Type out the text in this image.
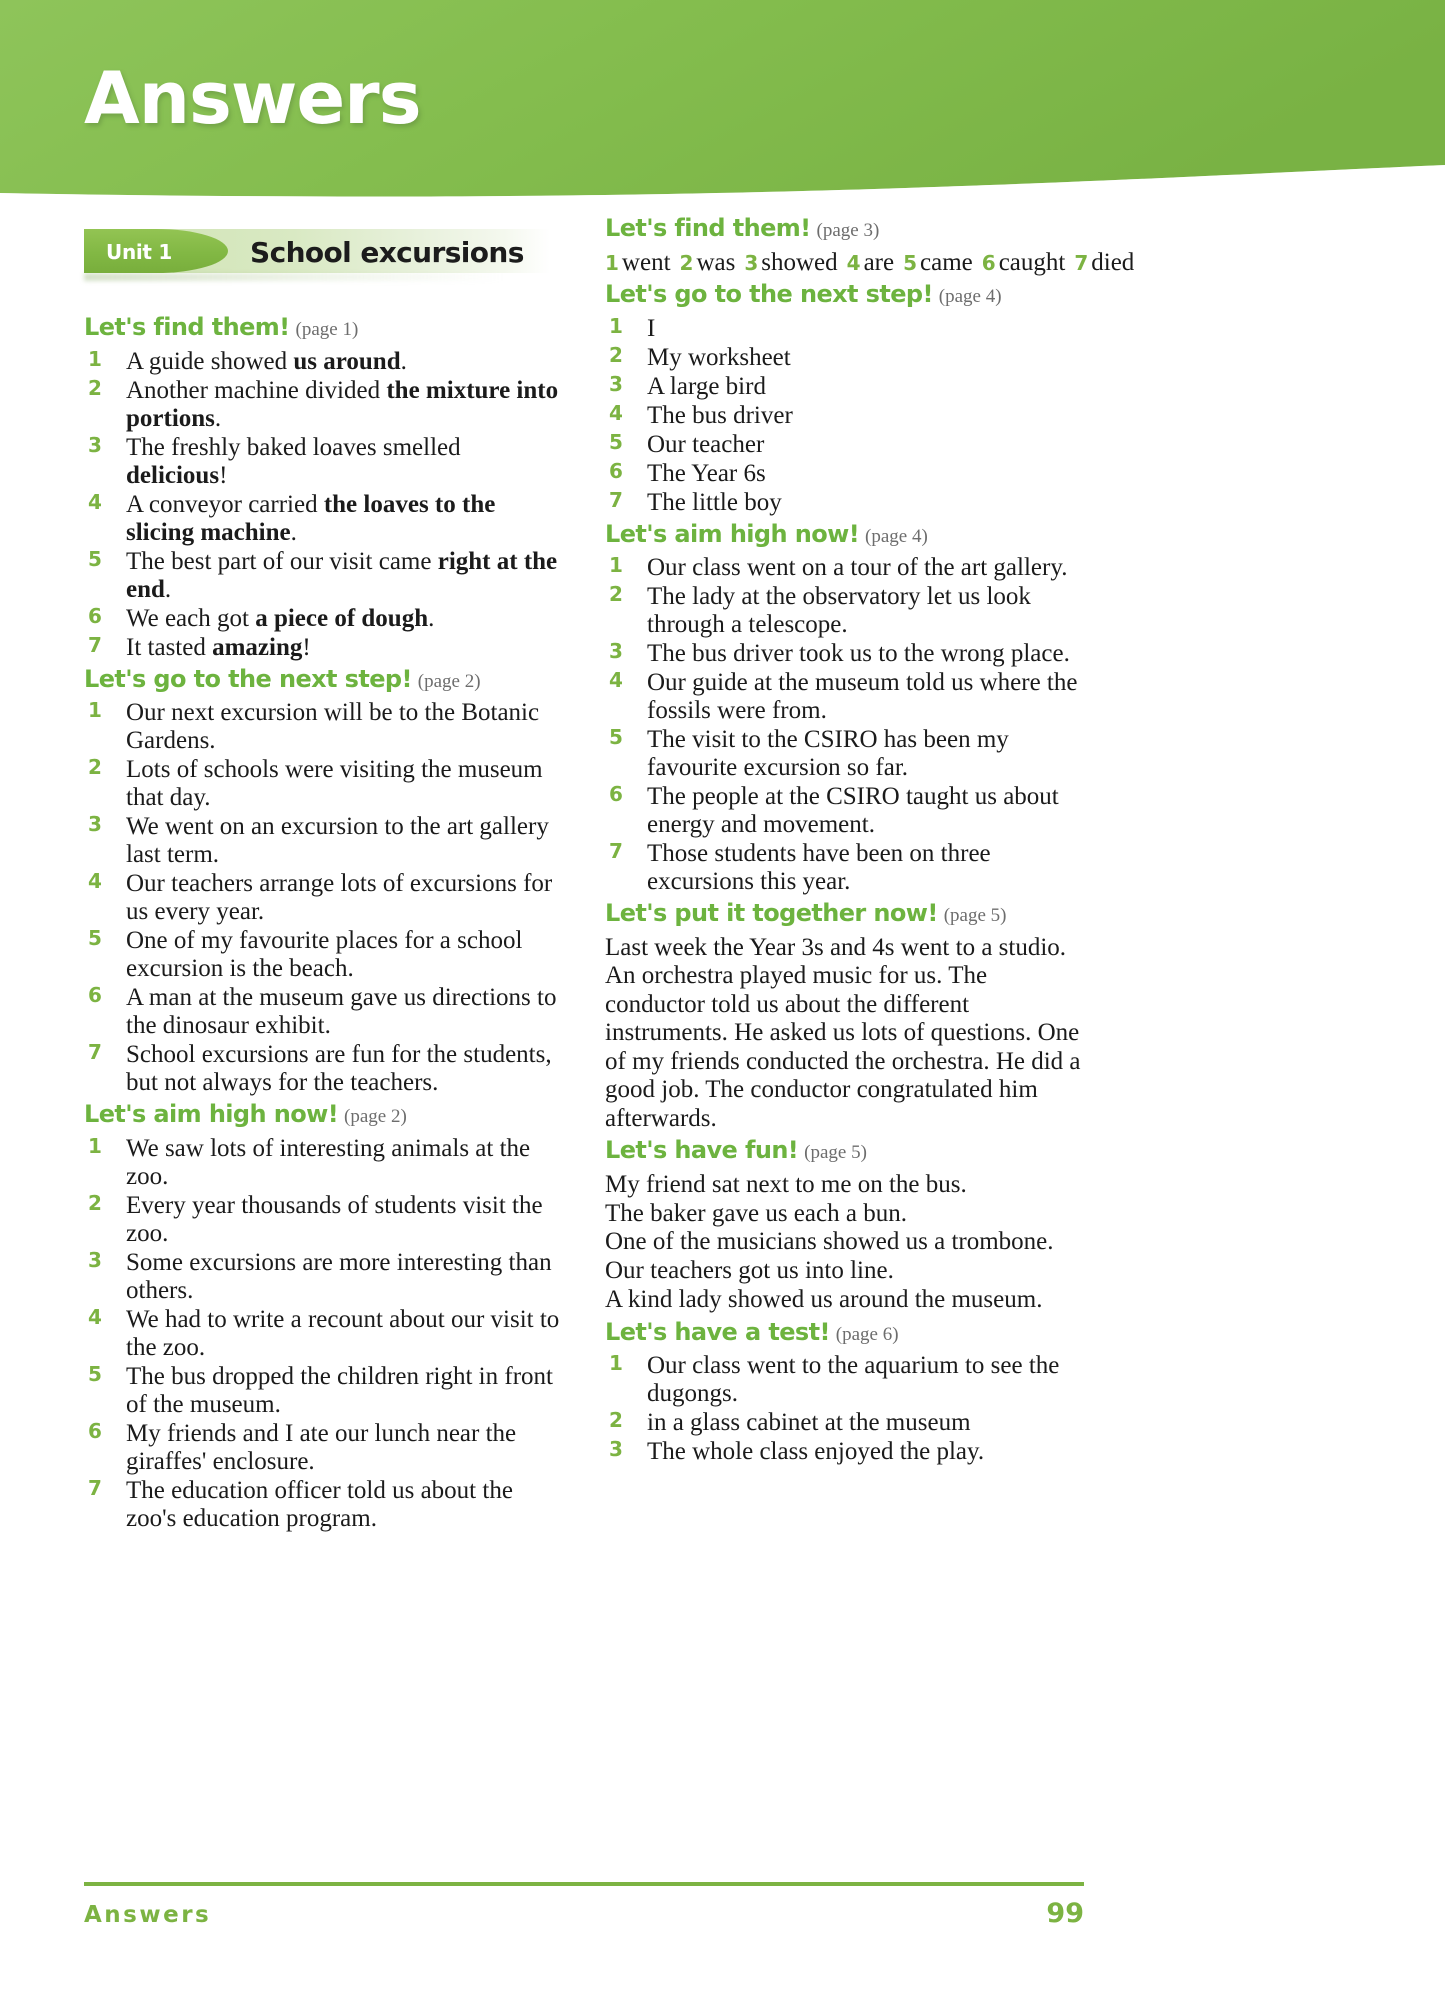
Answers
Unit 1	School excursions
Let's find them! (page 1)
1 A guide showed us around.
2 Another machine divided the mixture into portions.
3 The freshly baked loaves smelled delicious!
4 A conveyor carried the loaves to the slicing machine.
5 The best part of our visit came right at the end.
6 We each got a piece of dough.
7 It tasted amazing!
Let's go to the next step! (page 2)
1 Our next excursion will be to the Botanic Gardens.
2 Lots of schools were visiting the museum that day.
3 We went on an excursion to the art gallery last term.
4 Our teachers arrange lots of excursions for us every year.
5 One of my favourite places for a school excursion is the beach.
6 A man at the museum gave us directions to the dinosaur exhibit.
7 School excursions are fun for the students, but not always for the teachers.
Let's aim high now! (page 2)
1 We saw lots of interesting animals at the zoo.
2 Every year thousands of students visit the zoo.
3 Some excursions are more interesting than others.
4 We had to write a recount about our visit to the zoo.
5 The bus dropped the children right in front of the museum.
6 My friends and I ate our lunch near the giraffes' enclosure.
7 The education officer told us about the zoo's education program.
Let's find them! (page 3)
1 went 2 was 3 showed 4 are 5 came 6 caught 7 died
Let's go to the next step! (page 4)
1 I
2 My worksheet
3 A large bird
4 The bus driver
5 Our teacher
6 The Year 6s
7 The little boy
Let's aim high now! (page 4)
1 Our class went on a tour of the art gallery.
2 The lady at the observatory let us look through a telescope.
3 The bus driver took us to the wrong place.
4 Our guide at the museum told us where the fossils were from.
5 The visit to the CSIRO has been my favourite excursion so far.
6 The people at the CSIRO taught us about energy and movement.
7 Those students have been on three excursions this year.
Let's put it together now! (page 5)
Last week the Year 3s and 4s went to a studio. An orchestra played music for us. The conductor told us about the different instruments. He asked us lots of questions. One of my friends conducted the orchestra. He did a good job. The conductor congratulated him afterwards.
Let's have fun! (page 5)
My friend sat next to me on the bus.
The baker gave us each a bun.
One of the musicians showed us a trombone.
Our teachers got us into line.
A kind lady showed us around the museum.
Let's have a test! (page 6)
1 Our class went to the aquarium to see the dugongs.
2 in a glass cabinet at the museum
3 The whole class enjoyed the play.
Answers	99
